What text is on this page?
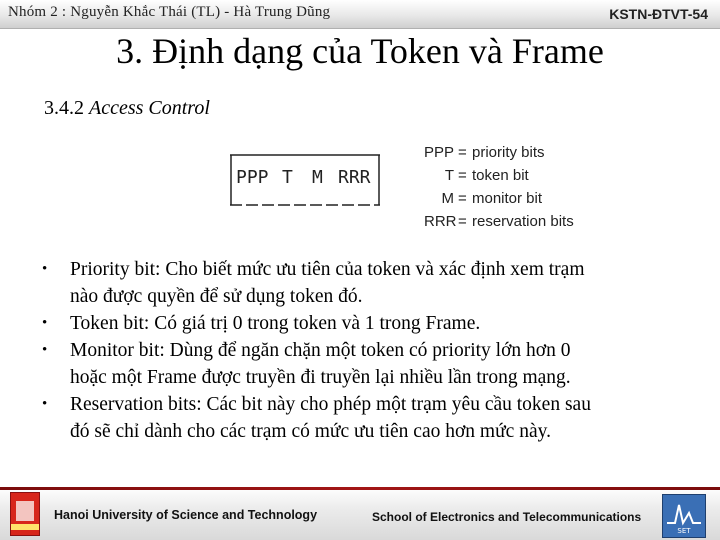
Nhóm 2 : Nguyễn Khắc Thái (TL) - Hà Trung Dũng	KSTN-ĐTVT-54
3. Định dạng của Token và Frame
3.4.2 Access Control
PPP T M RRR
PPP = priority bits
T = token bit
M = monitor bit
RRR = reservation bits
• Priority bit: Cho biết mức ưu tiên của token và xác định xem trạm
nào được quyền để sử dụng token đó.
• Token bit: Có giá trị 0 trong token và 1 trong Frame.
• Monitor bit: Dùng để ngăn chặn một token có priority lớn hơn 0
hoặc một Frame được truyền đi truyền lại nhiều lần trong mạng.
• Reservation bits: Các bit này cho phép một trạm yêu cầu token sau
đó sẽ chỉ dành cho các trạm có mức ưu tiên cao hơn mức này.
Hanoi University of Science and Technology	School of Electronics and Telecommunications
SET
